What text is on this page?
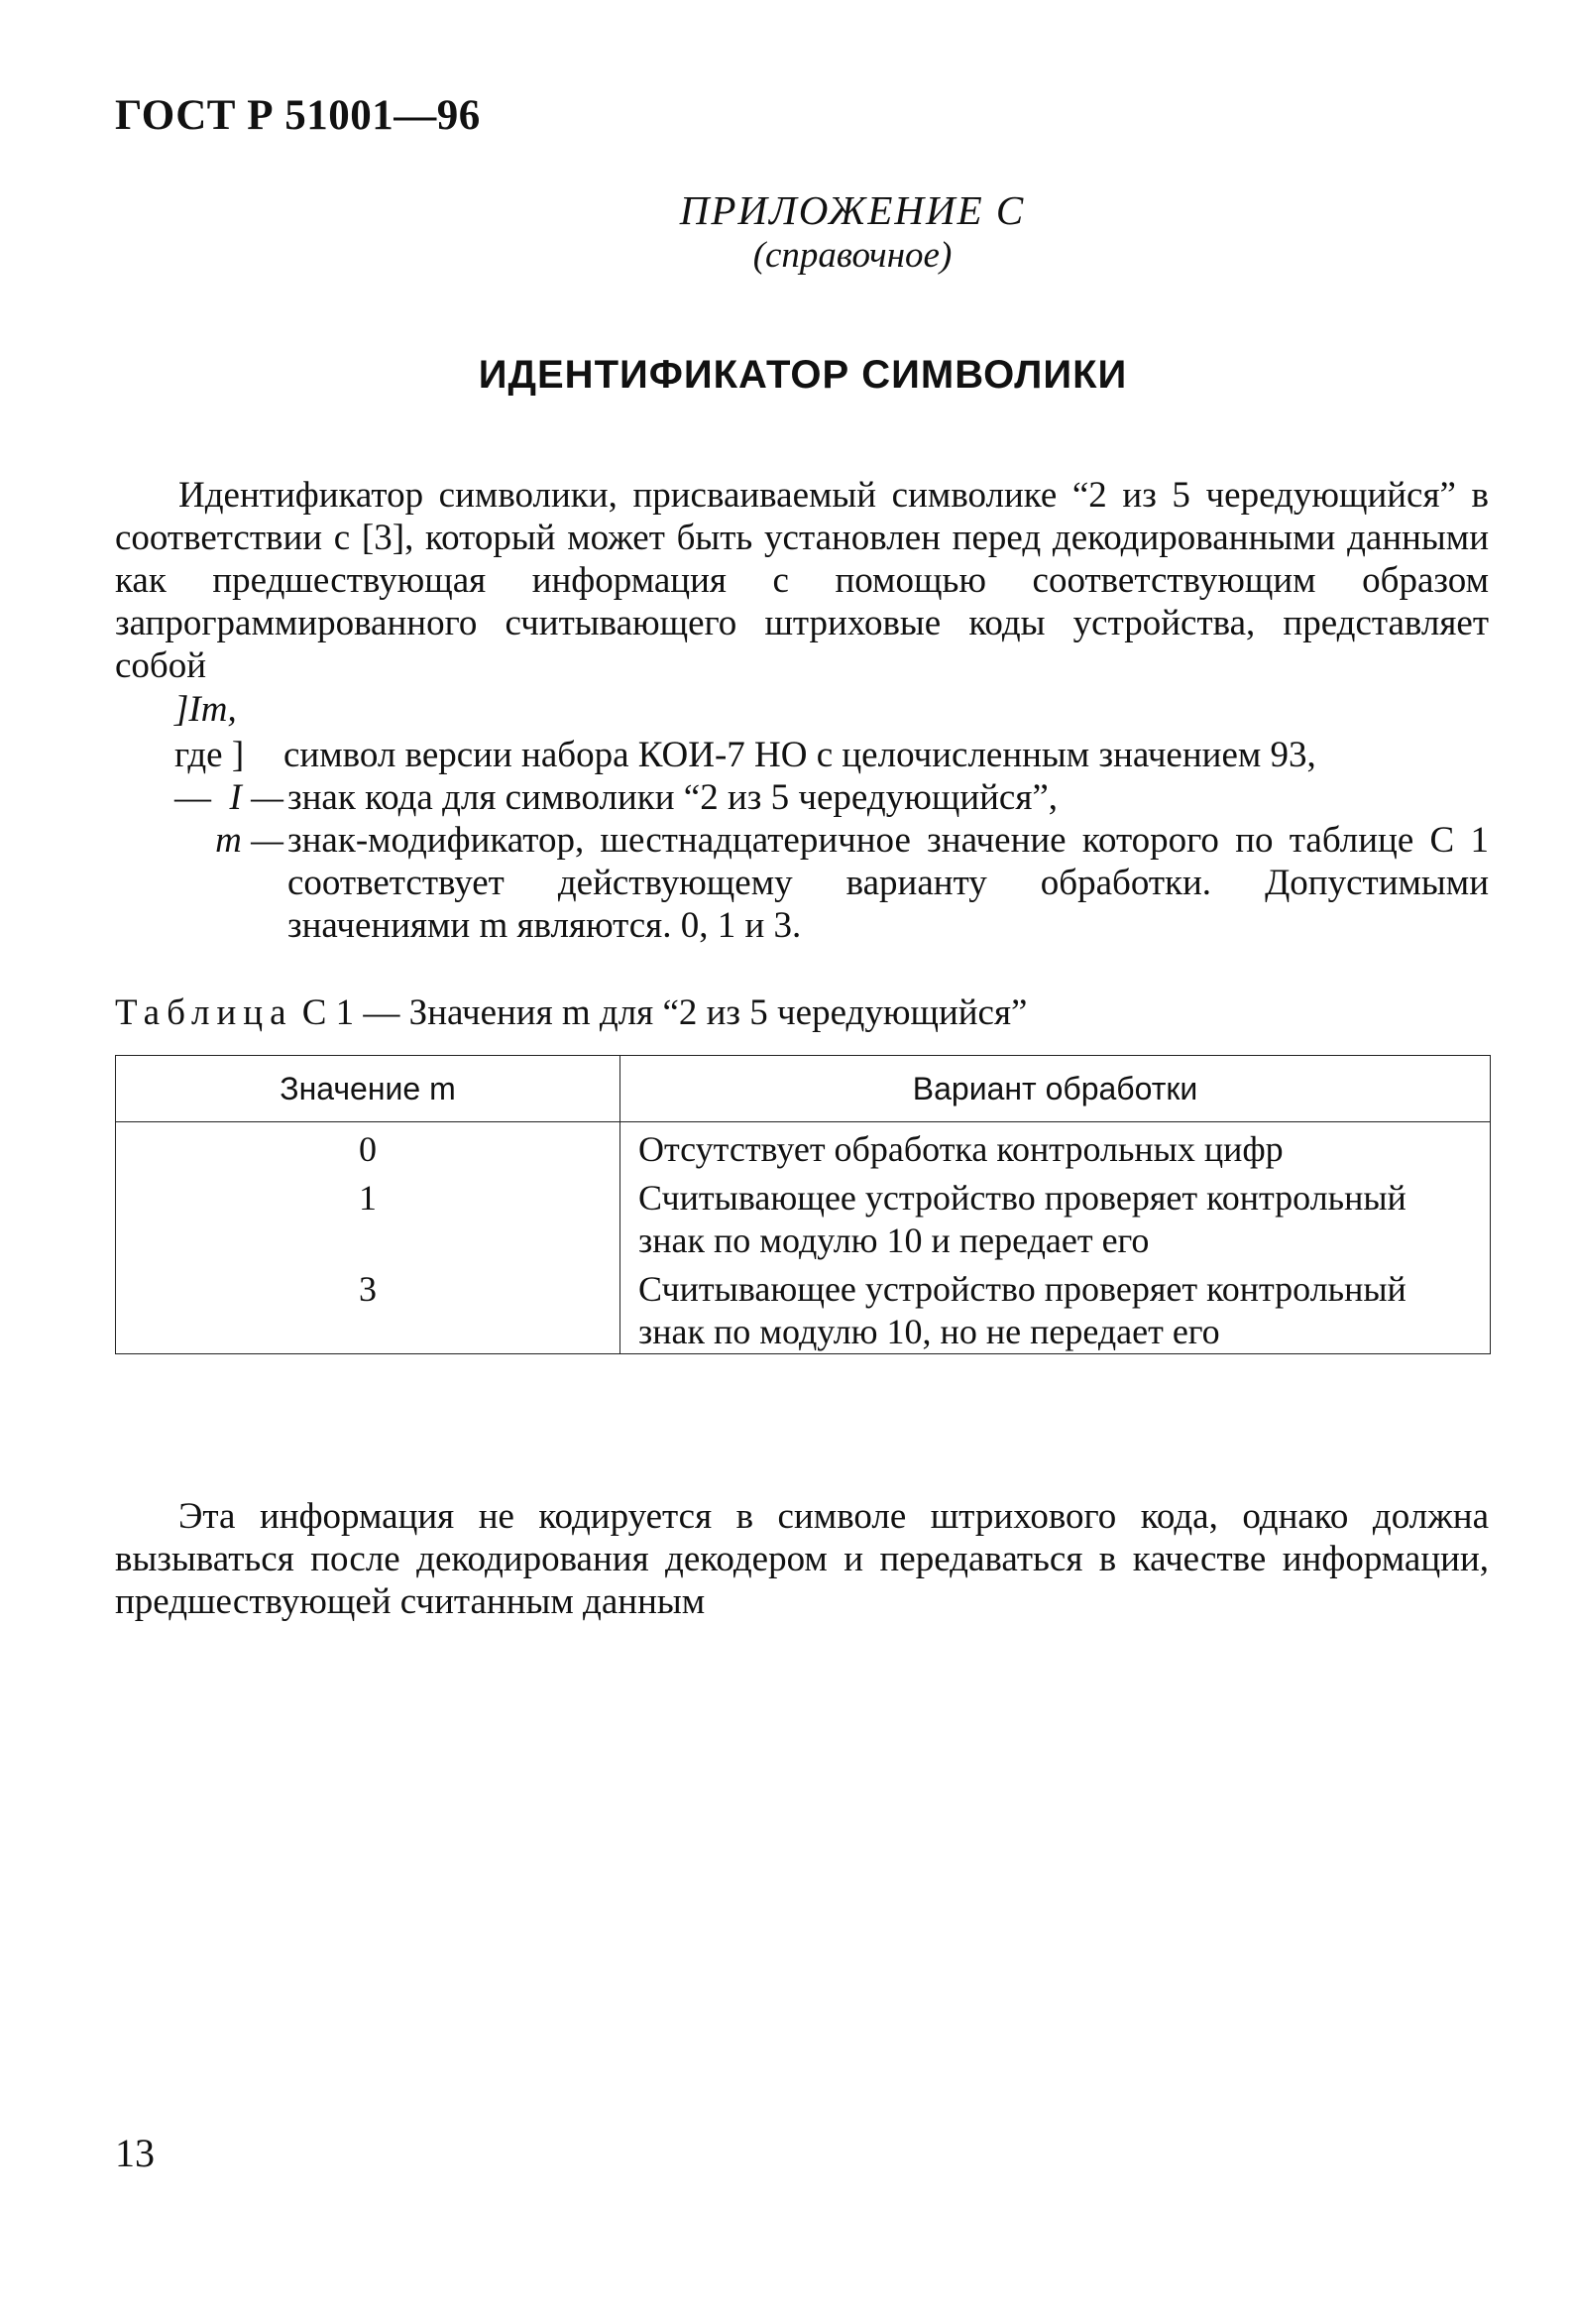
ГОСТ Р 51001—96
ПРИЛОЖЕНИЕ С
(справочное)
ИДЕНТИФИКАТОР СИМВОЛИКИ
Идентификатор символики, присваиваемый символике “2 из 5 чередующийся” в соответствии с [3], который может быть установлен перед декодированными данными как предшествующая информация с помощью соответствующим образом запрограммированного считывающего штриховые коды устройства, представляет собой
]Im,
где ] —
символ версии набора КОИ-7 НО с целочисленным значением 93,
I — знак кода для символики “2 из 5 чередующийся”,
m — знак-модификатор, шестнадцатеричное значение которого по таблице С 1 соответствует действующему варианту обработки. Допустимыми значениями m являются. 0, 1 и 3.
Таблица С 1 — Значения m для “2 из 5 чередующийся”
Значение m	Вариант обработки
0	Отсутствует обработка контрольных цифр
1	Считывающее устройство проверяет контрольный знак по модулю 10 и передает его
3	Считывающее устройство проверяет контрольный знак по модулю 10, но не передает его
Эта информация не кодируется в символе штрихового кода, однако должна вызываться после декодирования декодером и передаваться в качестве информации, предшествующей считанным данным
13
